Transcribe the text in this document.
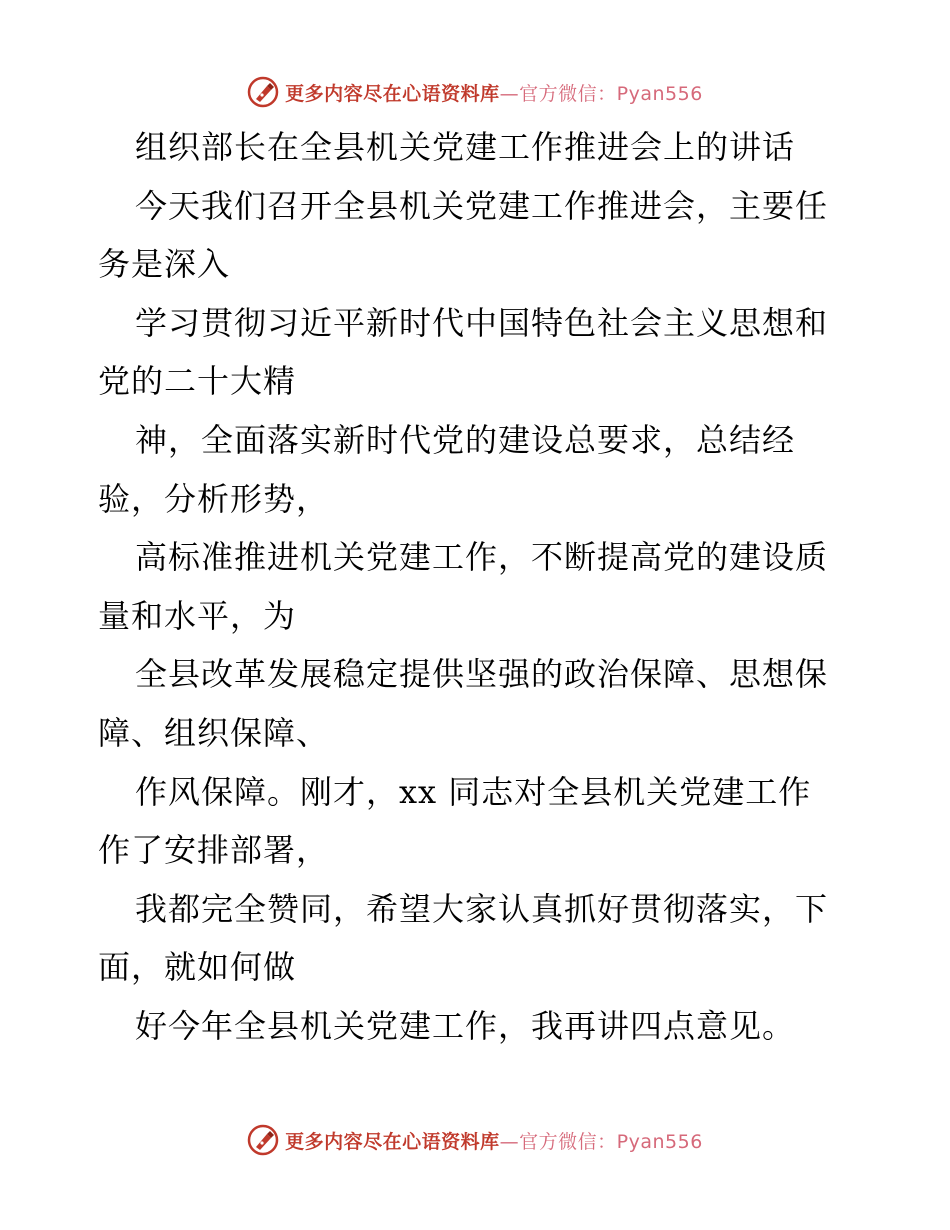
更多内容尽在心语资料库—官方微信：Pyan556
组织部长在全县机关党建工作推进会上的讲话
今天我们召开全县机关党建工作推进会，主要任
务是深入
学习贯彻习近平新时代中国特色社会主义思想和
党的二十大精
神，全面落实新时代党的建设总要求，总结经
验，分析形势，
高标准推进机关党建工作，不断提高党的建设质
量和水平，为
全县改革发展稳定提供坚强的政治保障、思想保
障、组织保障、
作风保障。刚才，xx 同志对全县机关党建工作
作了安排部署，
我都完全赞同，希望大家认真抓好贯彻落实，下
面，就如何做
好今年全县机关党建工作，我再讲四点意见。
更多内容尽在心语资料库—官方微信：Pyan556
